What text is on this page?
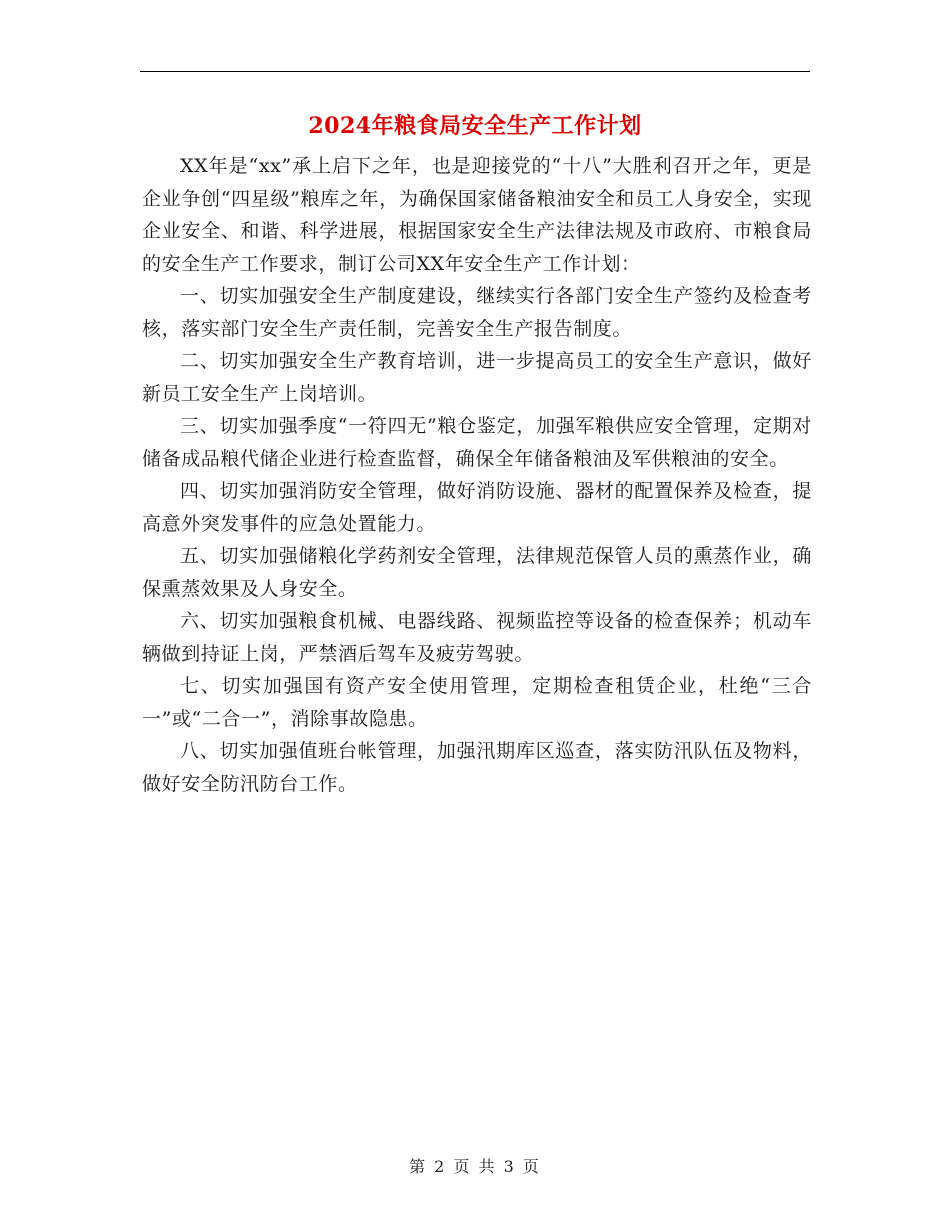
2024年粮食局安全生产工作计划

XX年是“xx”承上启下之年，也是迎接党的“十八”大胜利召开之年，更是企业争创“四星级”粮库之年，为确保国家储备粮油安全和员工人身安全，实现企业安全、和谐、科学进展，根据国家安全生产法律法规及市政府、市粮食局的安全生产工作要求，制订公司XX年安全生产工作计划：

一、切实加强安全生产制度建设，继续实行各部门安全生产签约及检查考核，落实部门安全生产责任制，完善安全生产报告制度。

二、切实加强安全生产教育培训，进一步提高员工的安全生产意识，做好新员工安全生产上岗培训。

三、切实加强季度“一符四无”粮仓鉴定，加强军粮供应安全管理，定期对储备成品粮代储企业进行检查监督，确保全年储备粮油及军供粮油的安全。

四、切实加强消防安全管理，做好消防设施、器材的配置保养及检查，提高意外突发事件的应急处置能力。

五、切实加强储粮化学药剂安全管理，法律规范保管人员的熏蒸作业，确保熏蒸效果及人身安全。

六、切实加强粮食机械、电器线路、视频监控等设备的检查保养；机动车辆做到持证上岗，严禁酒后驾车及疲劳驾驶。

七、切实加强国有资产安全使用管理，定期检查租赁企业，杜绝“三合一”或“二合一”，消除事故隐患。

八、切实加强值班台帐管理，加强汛期库区巡查，落实防汛队伍及物料，做好安全防汛防台工作。

第 2 页 共 3 页
